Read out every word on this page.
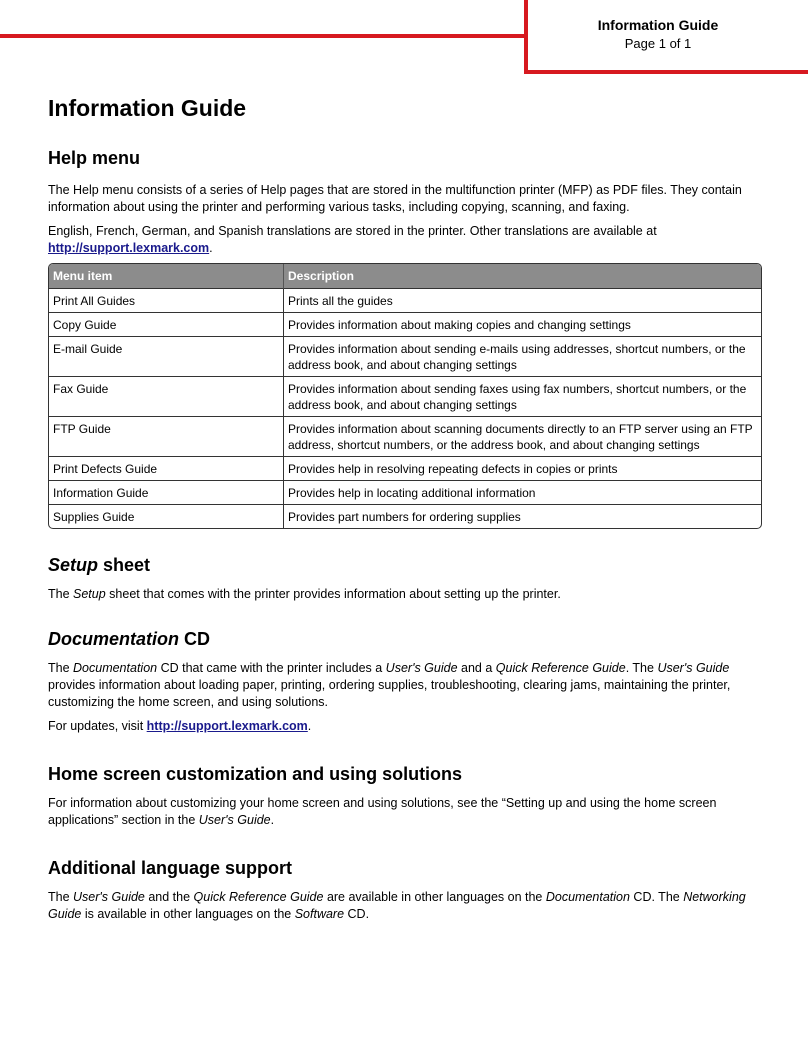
Information Guide
Page 1 of 1
Information Guide
Help menu

The Help menu consists of a series of Help pages that are stored in the multifunction printer (MFP) as PDF files. They contain information about using the printer and performing various tasks, including copying, scanning, and faxing.

English, French, German, and Spanish translations are stored in the printer. Other translations are available at
http://support.lexmark.com.

Menu item	Description
Print All Guides	Prints all the guides
Copy Guide	Provides information about making copies and changing settings
E-mail Guide	Provides information about sending e-mails using addresses, shortcut numbers, or the address book, and about changing settings
Fax Guide	Provides information about sending faxes using fax numbers, shortcut numbers, or the address book, and about changing settings
FTP Guide	Provides information about scanning documents directly to an FTP server using an FTP address, shortcut numbers, or the address book, and about changing settings
Print Defects Guide	Provides help in resolving repeating defects in copies or prints
Information Guide	Provides help in locating additional information
Supplies Guide	Provides part numbers for ordering supplies
Setup sheet

The Setup sheet that comes with the printer provides information about setting up the printer.

Documentation CD

The Documentation CD that came with the printer includes a User's Guide and a Quick Reference Guide. The User's Guide provides information about loading paper, printing, ordering supplies, troubleshooting, clearing jams, maintaining the printer, customizing the home screen, and using solutions.

For updates, visit http://support.lexmark.com.

Home screen customization and using solutions

For information about customizing your home screen and using solutions, see the “Setting up and using the home screen applications” section in the User's Guide.

Additional language support

The User's Guide and the Quick Reference Guide are available in other languages on the Documentation CD. The Networking Guide is available in other languages on the Software CD.
